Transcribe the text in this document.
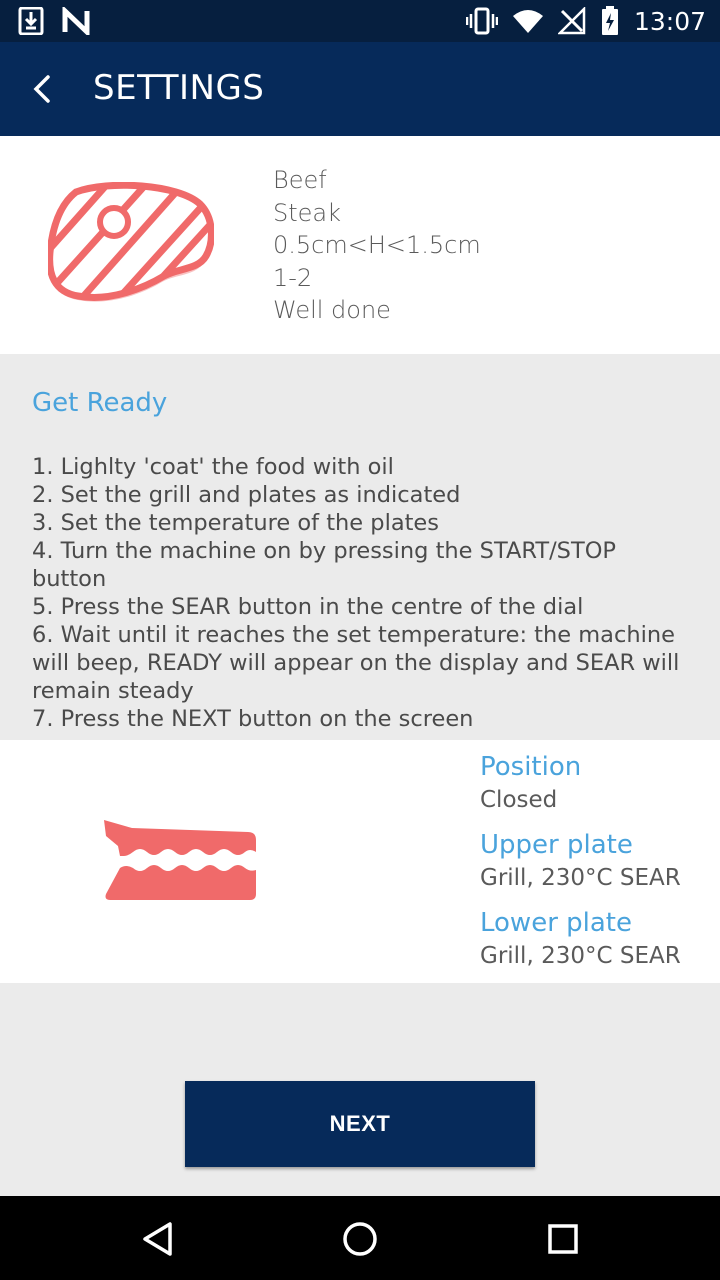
13:07
SETTINGS
Beef
Steak
0.5cm<H<1.5cm
1-2
Well done
Get Ready
1. Lighlty 'coat' the food with oil
2. Set the grill and plates as indicated
3. Set the temperature of the plates
4. Turn the machine on by pressing the START/STOP button
5. Press the SEAR button in the centre of the dial
6. Wait until it reaches the set temperature: the machine will beep, READY will appear on the display and SEAR will remain steady
7. Press the NEXT button on the screen
Position
Closed
Upper plate
Grill, 230°C SEAR
Lower plate
Grill, 230°C SEAR
NEXT
